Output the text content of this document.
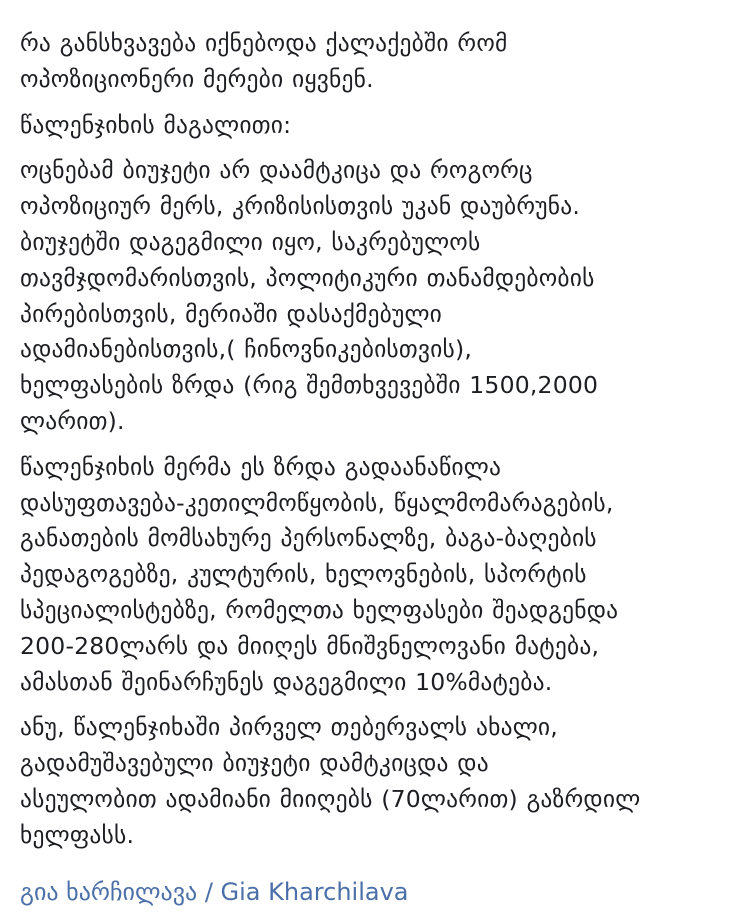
რა განსხვავება იქნებოდა ქალაქებში რომ
ოპოზიციონერი მერები იყვნენ.
წალენჯიხის მაგალითი:
ოცნებამ ბიუჯეტი არ დაამტკიცა და როგორც
ოპოზიციურ მერს, კრიზისისთვის უკან დაუბრუნა.
ბიუჯეტში დაგეგმილი იყო, საკრებულოს
თავმჯდომარისთვის, პოლიტიკური თანამდებობის
პირებისთვის, მერიაში დასაქმებული
ადამიანებისთვის,( ჩინოვნიკებისთვის),
ხელფასების ზრდა (რიგ შემთხვევებში 1500,2000
ლარით).
წალენჯიხის მერმა ეს ზრდა გადაანაწილა
დასუფთავება-კეთილმოწყობის, წყალმომარაგების,
განათების მომსახურე პერსონალზე, ბაგა-ბაღების
პედაგოგებზე, კულტურის, ხელოვნების, სპორტის
სპეციალისტებზე, რომელთა ხელფასები შეადგენდა
200-280ლარს და მიიღეს მნიშვნელოვანი მატება,
ამასთან შეინარჩუნეს დაგეგმილი 10%მატება.
ანუ, წალენჯიხაში პირველ თებერვალს ახალი,
გადამუშავებული ბიუჯეტი დამტკიცდა და
ასეულობით ადამიანი მიიღებს (70ლარით) გაზრდილ
ხელფასს.
გია ხარჩილავა / Gia Kharchilava
